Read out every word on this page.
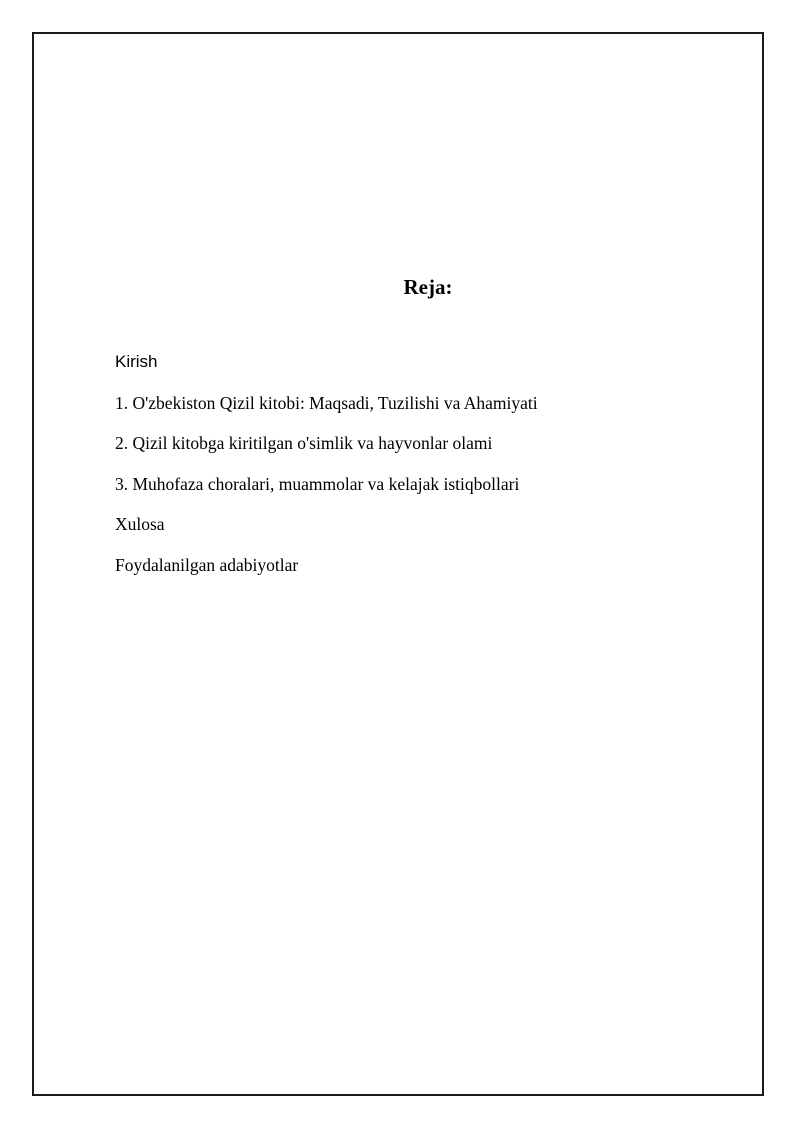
Reja:
Kirish
1. O'zbekiston Qizil kitobi: Maqsadi, Tuzilishi va Ahamiyati
2. Qizil kitobga kiritilgan o'simlik va hayvonlar olami
3. Muhofaza choralari, muammolar va kelajak istiqbollari
Xulosa
Foydalanilgan adabiyotlar
